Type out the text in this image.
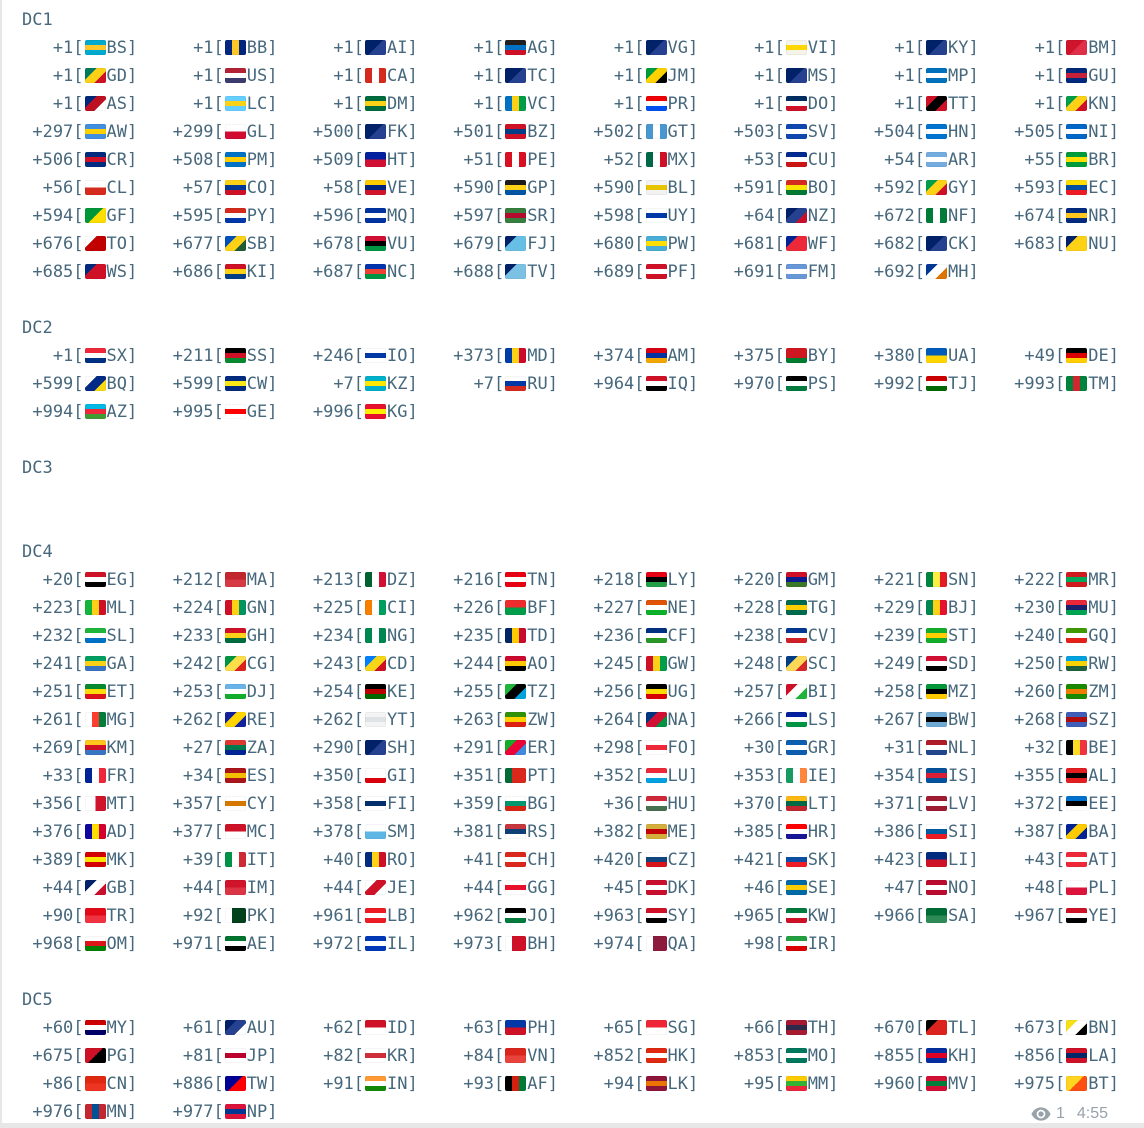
DC1
+1[ BS]	+1[ BB]	+1[ AI]	+1[ AG]	+1[ VG]	+1[ VI]	+1[ KY]	+1[ BM]
+1[ GD]	+1[ US]	+1[ CA]	+1[ TC]	+1[ JM]	+1[ MS]	+1[ MP]	+1[ GU]
+1[ AS]	+1[ LC]	+1[ DM]	+1[ VC]	+1[ PR]	+1[ DO]	+1[ TT]	+1[ KN]
+297[ AW]	+299[ GL]	+500[ FK]	+501[ BZ]	+502[ GT]	+503[ SV]	+504[ HN]	+505[ NI]
+506[ CR]	+508[ PM]	+509[ HT]	+51[ PE]	+52[ MX]	+53[ CU]	+54[ AR]	+55[ BR]
+56[ CL]	+57[ CO]	+58[ VE]	+590[ GP]	+590[ BL]	+591[ BO]	+592[ GY]	+593[ EC]
+594[ GF]	+595[ PY]	+596[ MQ]	+597[ SR]	+598[ UY]	+64[ NZ]	+672[ NF]	+674[ NR]
+676[ TO]	+677[ SB]	+678[ VU]	+679[ FJ]	+680[ PW]	+681[ WF]	+682[ CK]	+683[ NU]
+685[ WS]	+686[ KI]	+687[ NC]	+688[ TV]	+689[ PF]	+691[ FM]	+692[ MH]
DC2
+1[ SX]	+211[ SS]	+246[ IO]	+373[ MD]	+374[ AM]	+375[ BY]	+380[ UA]	+49[ DE]
+599[ BQ]	+599[ CW]	+7[ KZ]	+7[ RU]	+964[ IQ]	+970[ PS]	+992[ TJ]	+993[ TM]
+994[ AZ]	+995[ GE]	+996[ KG]
DC3
DC4
+20[ EG]	+212[ MA]	+213[ DZ]	+216[ TN]	+218[ LY]	+220[ GM]	+221[ SN]	+222[ MR]
+223[ ML]	+224[ GN]	+225[ CI]	+226[ BF]	+227[ NE]	+228[ TG]	+229[ BJ]	+230[ MU]
+232[ SL]	+233[ GH]	+234[ NG]	+235[ TD]	+236[ CF]	+238[ CV]	+239[ ST]	+240[ GQ]
+241[ GA]	+242[ CG]	+243[ CD]	+244[ AO]	+245[ GW]	+248[ SC]	+249[ SD]	+250[ RW]
+251[ ET]	+253[ DJ]	+254[ KE]	+255[ TZ]	+256[ UG]	+257[ BI]	+258[ MZ]	+260[ ZM]
+261[ MG]	+262[ RE]	+262[ YT]	+263[ ZW]	+264[ NA]	+266[ LS]	+267[ BW]	+268[ SZ]
+269[ KM]	+27[ ZA]	+290[ SH]	+291[ ER]	+298[ FO]	+30[ GR]	+31[ NL]	+32[ BE]
+33[ FR]	+34[ ES]	+350[ GI]	+351[ PT]	+352[ LU]	+353[ IE]	+354[ IS]	+355[ AL]
+356[ MT]	+357[ CY]	+358[ FI]	+359[ BG]	+36[ HU]	+370[ LT]	+371[ LV]	+372[ EE]
+376[ AD]	+377[ MC]	+378[ SM]	+381[ RS]	+382[ ME]	+385[ HR]	+386[ SI]	+387[ BA]
+389[ MK]	+39[ IT]	+40[ RO]	+41[ CH]	+420[ CZ]	+421[ SK]	+423[ LI]	+43[ AT]
+44[ GB]	+44[ IM]	+44[ JE]	+44[ GG]	+45[ DK]	+46[ SE]	+47[ NO]	+48[ PL]
+90[ TR]	+92[ PK]	+961[ LB]	+962[ JO]	+963[ SY]	+965[ KW]	+966[ SA]	+967[ YE]
+968[ OM]	+971[ AE]	+972[ IL]	+973[ BH]	+974[ QA]	+98[ IR]
DC5
+60[ MY]	+61[ AU]	+62[ ID]	+63[ PH]	+65[ SG]	+66[ TH]	+670[ TL]	+673[ BN]
+675[ PG]	+81[ JP]	+82[ KR]	+84[ VN]	+852[ HK]	+853[ MO]	+855[ KH]	+856[ LA]
+86[ CN]	+886[ TW]	+91[ IN]	+93[ AF]	+94[ LK]	+95[ MM]	+960[ MV]	+975[ BT]
+976[ MN]	+977[ NP]	1 4:55
